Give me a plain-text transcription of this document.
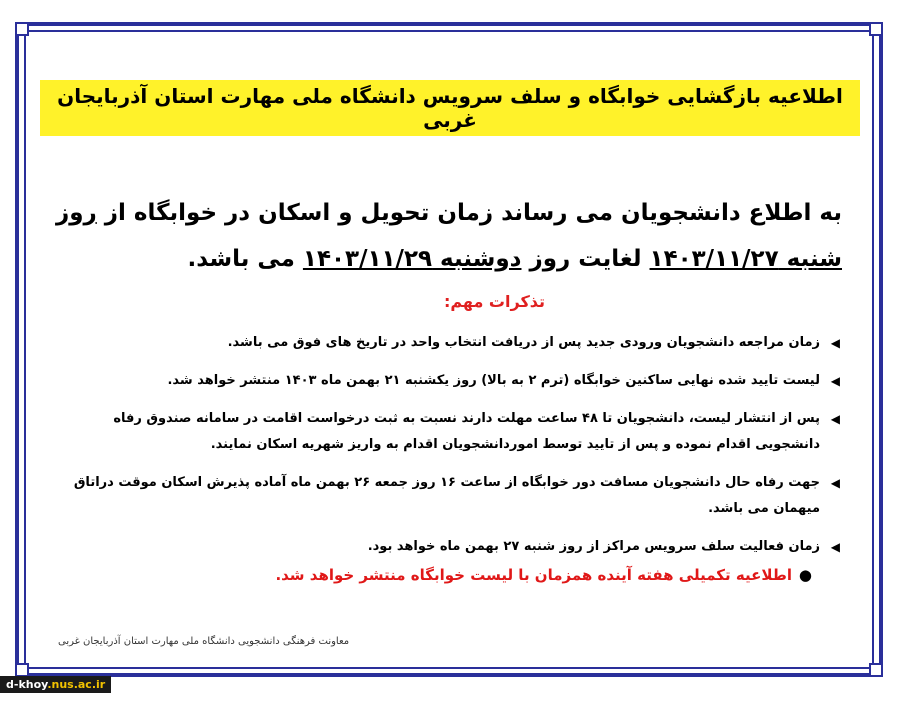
اطلاعیه بازگشایی خوابگاه و سلف سرویس دانشگاه ملی مهارت استان آذربایجان غربی
به اطلاع دانشجویان می رساند زمان تحویل و اسکان در خوابگاه از روز شنبه ۱۴۰۳/۱۱/۲۷ لغایت روز دوشنبه ۱۴۰۳/۱۱/۲۹ می باشد.
تذکرات مهم:
◀
زمان مراجعه دانشجویان ورودی جدید پس از دریافت انتخاب واحد در تاریخ های فوق می باشد.
◀
لیست تایید شده نهایی ساکنین خوابگاه (ترم ۲ به بالا) روز یکشنبه ۲۱ بهمن ماه ۱۴۰۳ منتشر خواهد شد.
◀
پس از انتشار لیست، دانشجویان تا ۴۸ ساعت مهلت دارند نسبت به ثبت درخواست اقامت در سامانه صندوق رفاه دانشجویی اقدام نموده و پس از تایید توسط اموردانشجویان اقدام به واریز شهریه اسکان نمایند.
◀
جهت رفاه حال دانشجویان مسافت دور خوابگاه از ساعت ۱۶ روز جمعه ۲۶ بهمن ماه آماده پذیرش اسکان موقت دراتاق میهمان می باشد.
◀
زمان فعالیت سلف سرویس مراکز از روز شنبه ۲۷ بهمن ماه خواهد بود.
●
اطلاعیه تکمیلی هفته آینده همزمان با لیست خوابگاه منتشر خواهد شد.
معاونت فرهنگی دانشجویی دانشگاه ملی مهارت استان آذربایجان غربی
d-khoy.nus.ac.ir
